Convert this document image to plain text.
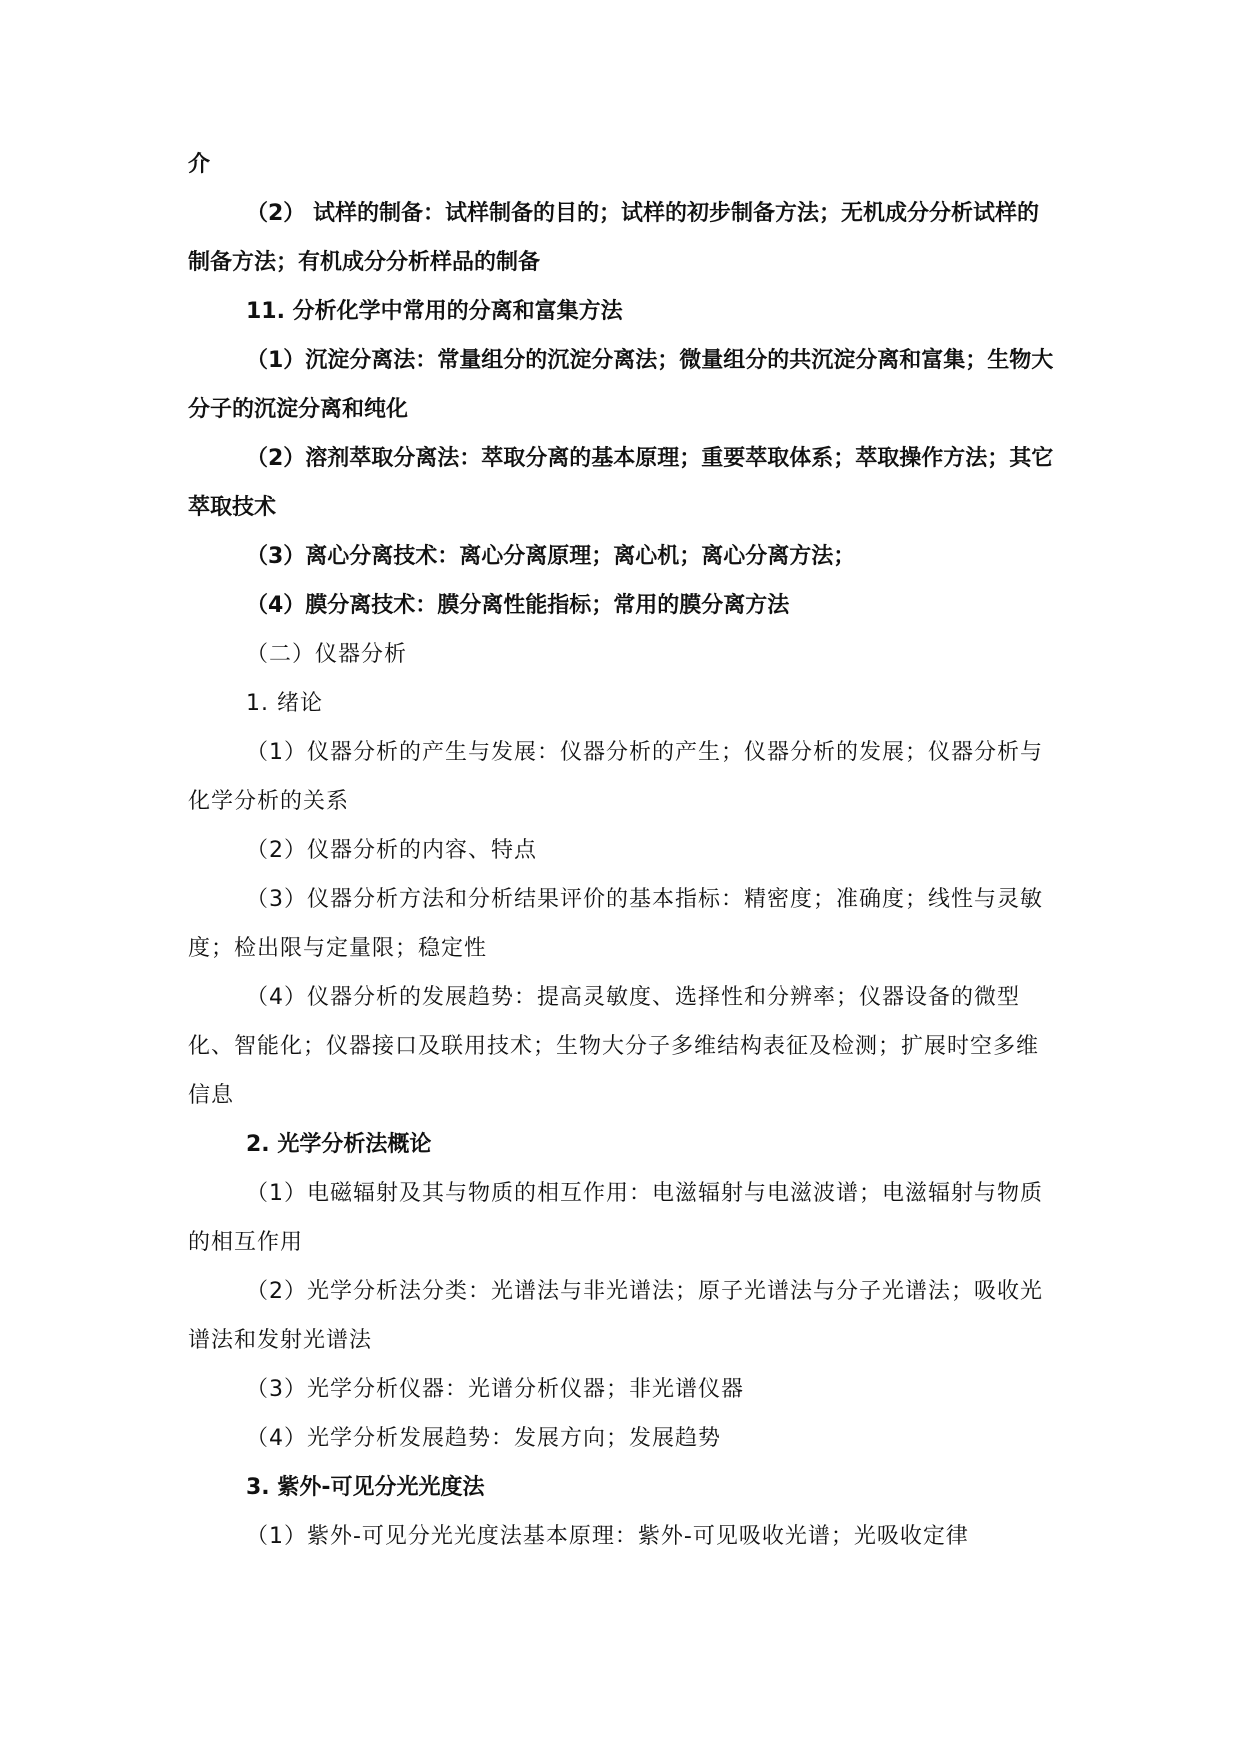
介

（2） 试样的制备：试样制备的目的；试样的初步制备方法；无机成分分析试样的制备方法；有机成分分析样品的制备

11. 分析化学中常用的分离和富集方法

（1）沉淀分离法：常量组分的沉淀分离法；微量组分的共沉淀分离和富集；生物大分子的沉淀分离和纯化

（2）溶剂萃取分离法：萃取分离的基本原理；重要萃取体系；萃取操作方法；其它萃取技术

（3）离心分离技术：离心分离原理；离心机；离心分离方法；

（4）膜分离技术：膜分离性能指标；常用的膜分离方法

（二）仪器分析

1. 绪论

（1）仪器分析的产生与发展：仪器分析的产生；仪器分析的发展；仪器分析与化学分析的关系

（2）仪器分析的内容、特点

（3）仪器分析方法和分析结果评价的基本指标：精密度；准确度；线性与灵敏度；检出限与定量限；稳定性

（4）仪器分析的发展趋势：提高灵敏度、选择性和分辨率；仪器设备的微型化、智能化；仪器接口及联用技术；生物大分子多维结构表征及检测；扩展时空多维信息

2. 光学分析法概论

（1）电磁辐射及其与物质的相互作用：电滋辐射与电滋波谱；电滋辐射与物质的相互作用

（2）光学分析法分类：光谱法与非光谱法；原子光谱法与分子光谱法；吸收光谱法和发射光谱法

（3）光学分析仪器：光谱分析仪器；非光谱仪器

（4）光学分析发展趋势：发展方向；发展趋势

3. 紫外-可见分光光度法

（1）紫外-可见分光光度法基本原理：紫外-可见吸收光谱；光吸收定律
